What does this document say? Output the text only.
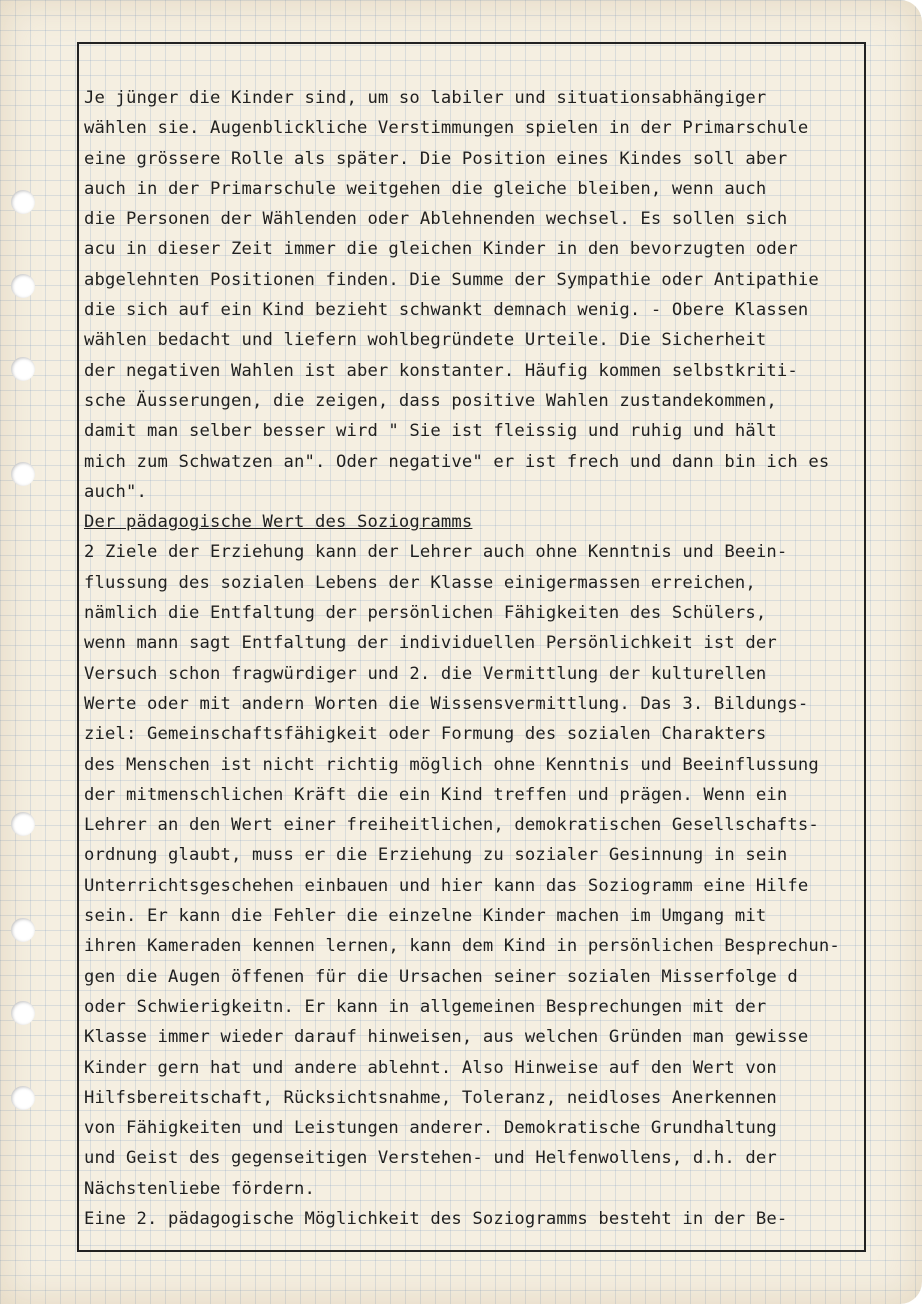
Je jünger die Kinder sind, um so labiler und situationsabhängiger
wählen sie. Augenblickliche Verstimmungen spielen in der Primarschule
eine grössere Rolle als später. Die Position eines Kindes soll aber
auch in der Primarschule weitgehen die gleiche bleiben, wenn auch
die Personen der Wählenden oder Ablehnenden wechsel. Es sollen sich
acu in dieser Zeit immer die gleichen Kinder in den bevorzugten oder
abgelehnten Positionen finden. Die Summe der Sympathie oder Antipathie
die sich auf ein Kind bezieht schwankt demnach wenig. - Obere Klassen
wählen bedacht und liefern wohlbegründete Urteile. Die Sicherheit
der negativen Wahlen ist aber konstanter. Häufig kommen selbstkriti-
sche Äusserungen, die zeigen, dass positive Wahlen zustandekommen,
damit man selber besser wird " Sie ist fleissig und ruhig und hält
mich zum Schwatzen an". Oder negative" er ist frech und dann bin ich es
auch".
Der pädagogische Wert des Soziogramms
2 Ziele der Erziehung kann der Lehrer auch ohne Kenntnis und Beein-
flussung des sozialen Lebens der Klasse einigermassen erreichen,
nämlich die Entfaltung der persönlichen Fähigkeiten des Schülers,
wenn mann sagt Entfaltung der individuellen Persönlichkeit ist der
Versuch schon fragwürdiger und 2. die Vermittlung der kulturellen
Werte oder mit andern Worten die Wissensvermittlung. Das 3. Bildungs-
ziel: Gemeinschaftsfähigkeit oder Formung des sozialen Charakters
des Menschen ist nicht richtig möglich ohne Kenntnis und Beeinflussung
der mitmenschlichen Kräft die ein Kind treffen und prägen. Wenn ein
Lehrer an den Wert einer freiheitlichen, demokratischen Gesellschafts-
ordnung glaubt, muss er die Erziehung zu sozialer Gesinnung in sein
Unterrichtsgeschehen einbauen und hier kann das Soziogramm eine Hilfe
sein. Er kann die Fehler die einzelne Kinder machen im Umgang mit
ihren Kameraden kennen lernen, kann dem Kind in persönlichen Besprechun-
gen die Augen öffenen für die Ursachen seiner sozialen Misserfolge d
oder Schwierigkeitn. Er kann in allgemeinen Besprechungen mit der
Klasse immer wieder darauf hinweisen, aus welchen Gründen man gewisse
Kinder gern hat und andere ablehnt. Also Hinweise auf den Wert von
Hilfsbereitschaft, Rücksichtsnahme, Toleranz, neidloses Anerkennen
von Fähigkeiten und Leistungen anderer. Demokratische Grundhaltung
und Geist des gegenseitigen Verstehen- und Helfenwollens, d.h. der
Nächstenliebe fördern.
Eine 2. pädagogische Möglichkeit des Soziogramms besteht in der Be-
